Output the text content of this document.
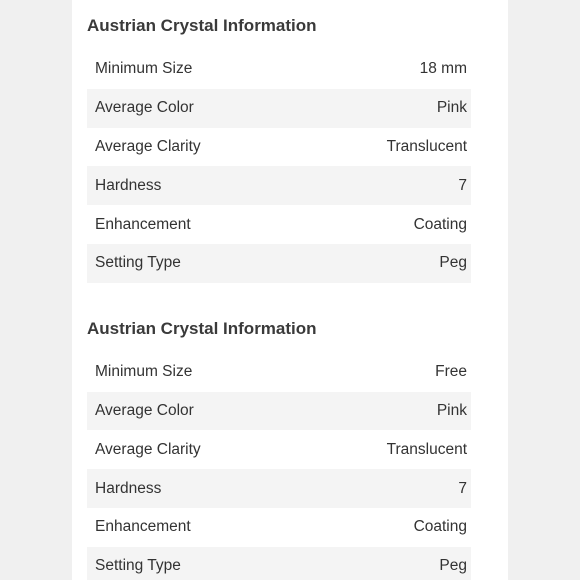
Austrian Crystal Information
Minimum Size	18 mm
Average Color	Pink
Average Clarity	Translucent
Hardness	7
Enhancement	Coating
Setting Type	Peg
Austrian Crystal Information
Minimum Size	Free
Average Color	Pink
Average Clarity	Translucent
Hardness	7
Enhancement	Coating
Setting Type	Peg
